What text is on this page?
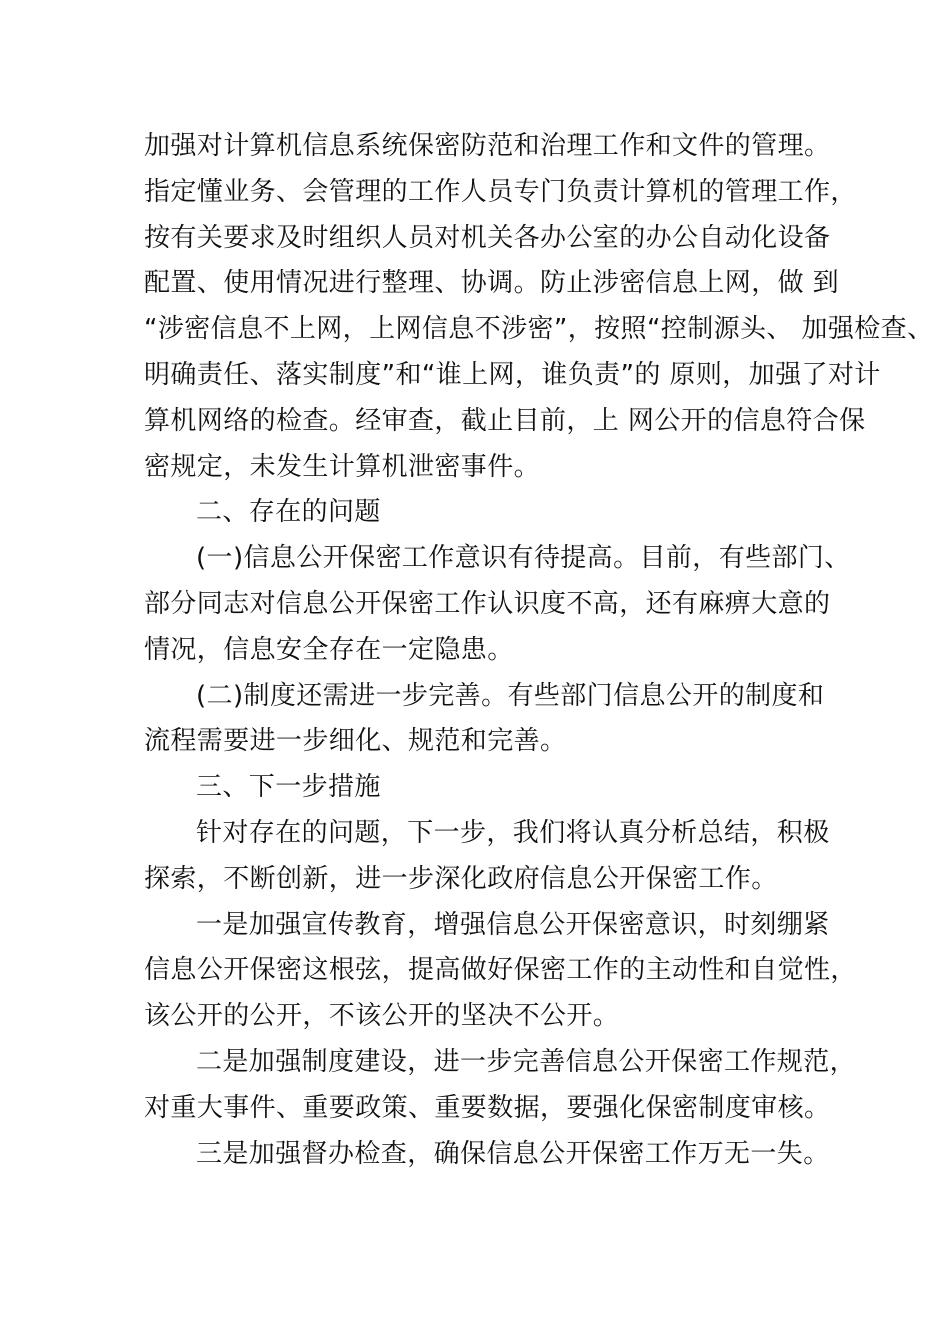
加强对计算机信息系统保密防范和治理工作和文件的管理。
指定懂业务、会管理的工作人员专门负责计算机的管理工作，
按有关要求及时组织人员对机关各办公室的办公自动化设备
配置、使用情况进行整理、协调。防止涉密信息上网，做 到
“涉密信息不上网，上网信息不涉密”，按照“控制源头、 加强检查、
明确责任、落实制度”和“谁上网，谁负责”的 原则，加强了对计
算机网络的检查。经审查，截止目前，上 网公开的信息符合保
密规定，未发生计算机泄密事件。
二、存在的问题
(一)信息公开保密工作意识有待提高。目前，有些部门、
部分同志对信息公开保密工作认识度不高，还有麻痹大意的
情况，信息安全存在一定隐患。
(二)制度还需进一步完善。有些部门信息公开的制度和
流程需要进一步细化、规范和完善。
三、下一步措施
针对存在的问题，下一步，我们将认真分析总结，积极
探索，不断创新，进一步深化政府信息公开保密工作。
一是加强宣传教育，增强信息公开保密意识，时刻绷紧
信息公开保密这根弦，提高做好保密工作的主动性和自觉性，
该公开的公开，不该公开的坚决不公开。
二是加强制度建设，进一步完善信息公开保密工作规范，
对重大事件、重要政策、重要数据，要强化保密制度审核。
三是加强督办检查，确保信息公开保密工作万无一失。
